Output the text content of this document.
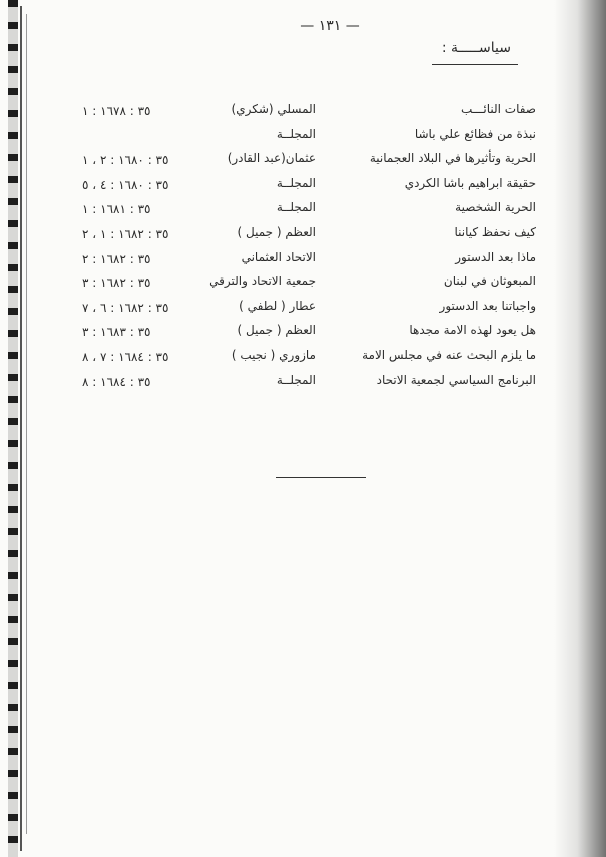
— ١٣١ —
سياســـــة :
صفات النائـــب
المسلي (شكري)
٣٥ : ١٦٧٨ : ١
نبذة من فظائع علي باشا
المجلــة
الحرية وتأثيرها في البلاد العجمانية
عثمان(عبد القادر)
٣٥ : ١٦٨٠ : ٢ ، ١
حقيقة ابراهيم باشا الكردي
المجلــة
٣٥ : ١٦٨٠ : ٤ ، ٥
الحرية الشخصية
المجلــة
٣٥ : ١٦٨١ : ١
كيف نحفظ كياننا
العظم ( جميل )
٣٥ : ١٦٨٢ : ١ ، ٢
ماذا بعد الدستور
الاتحاد العثماني
٣٥ : ١٦٨٢ : ٢
المبعوثان في لبنان
جمعية الاتحاد والترقي
٣٥ : ١٦٨٢ : ٣
واجباتنا بعد الدستور
عطار ( لطفي )
٣٥ : ١٦٨٢ : ٦ ، ٧
هل يعود لهذه الامة مجدها
العظم ( جميل )
٣٥ : ١٦٨٣ : ٣
ما يلزم البحث عنه في مجلس الامة
مازوري ( نجيب )
٣٥ : ١٦٨٤ : ٧ ، ٨
البرنامج السياسي لجمعية الاتحاد
المجلــة
٣٥ : ١٦٨٤ : ٨
